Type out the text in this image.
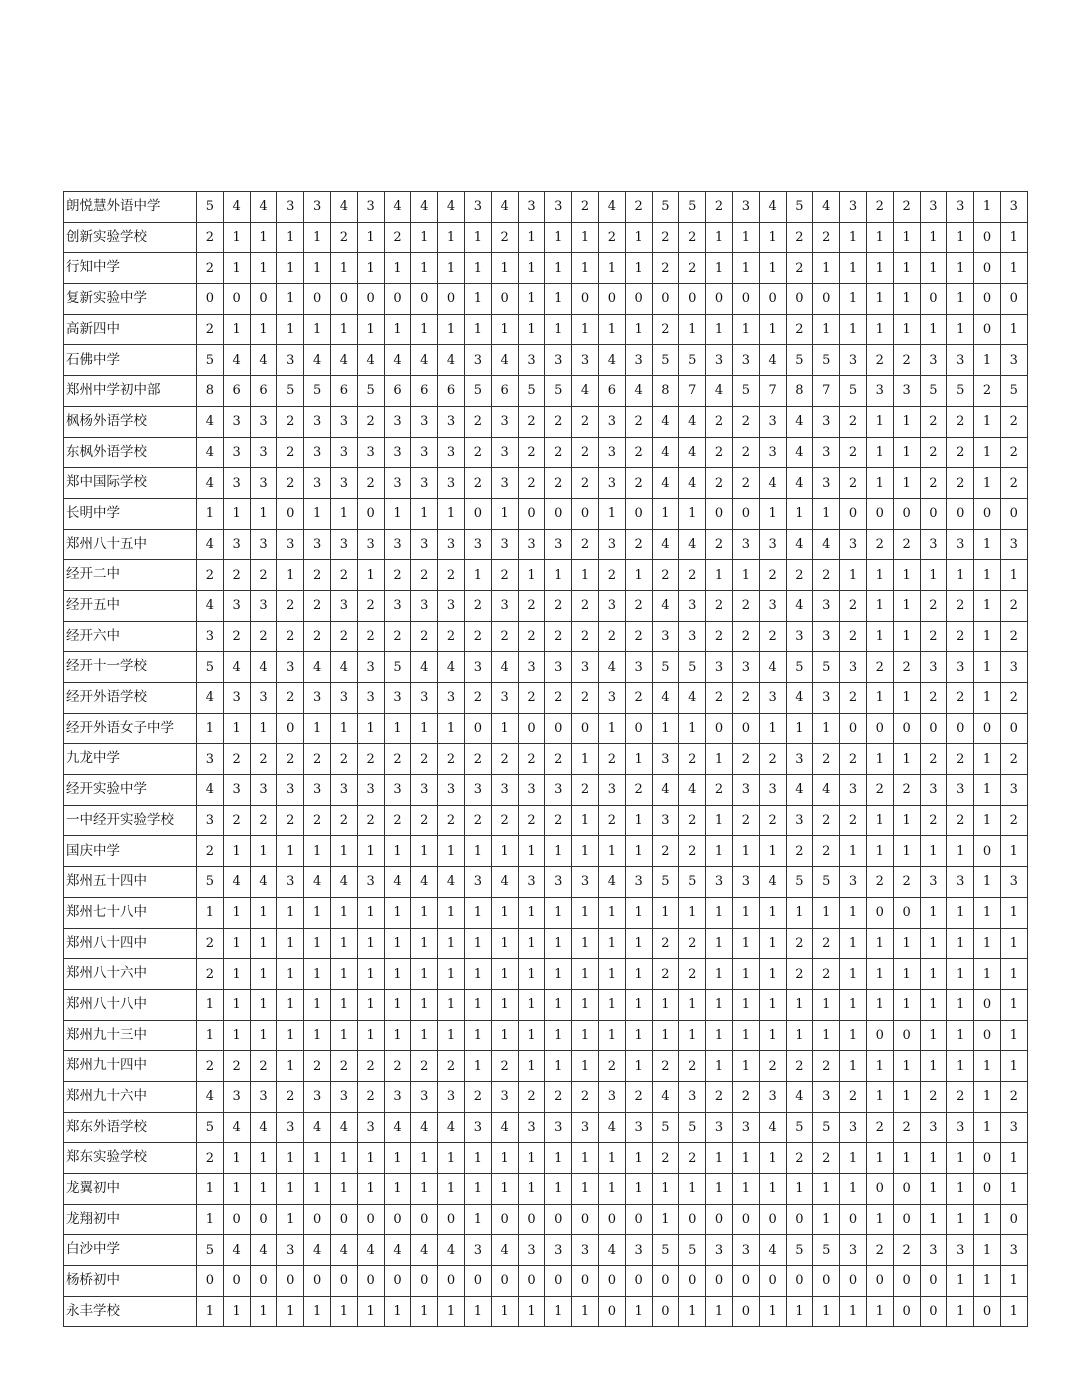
朗悦慧外语中学	5	4	4	3	3	4	3	4	4	4	3	4	3	3	2	4	2	5	5	2	3	4	5	4	3	2	2	3	3	1	3
创新实验学校	2	1	1	1	1	2	1	2	1	1	1	2	1	1	1	2	1	2	2	1	1	1	2	2	1	1	1	1	1	0	1
行知中学	2	1	1	1	1	1	1	1	1	1	1	1	1	1	1	1	1	2	2	1	1	1	2	1	1	1	1	1	1	0	1
复新实验中学	0	0	0	1	0	0	0	0	0	0	1	0	1	1	0	0	0	0	0	0	0	0	0	0	1	1	1	0	1	0	0
高新四中	2	1	1	1	1	1	1	1	1	1	1	1	1	1	1	1	1	2	1	1	1	1	2	1	1	1	1	1	1	0	1
石佛中学	5	4	4	3	4	4	4	4	4	4	3	4	3	3	3	4	3	5	5	3	3	4	5	5	3	2	2	3	3	1	3
郑州中学初中部	8	6	6	5	5	6	5	6	6	6	5	6	5	5	4	6	4	8	7	4	5	7	8	7	5	3	3	5	5	2	5
枫杨外语学校	4	3	3	2	3	3	2	3	3	3	2	3	2	2	2	3	2	4	4	2	2	3	4	3	2	1	1	2	2	1	2
东枫外语学校	4	3	3	2	3	3	3	3	3	3	2	3	2	2	2	3	2	4	4	2	2	3	4	3	2	1	1	2	2	1	2
郑中国际学校	4	3	3	2	3	3	2	3	3	3	2	3	2	2	2	3	2	4	4	2	2	4	4	3	2	1	1	2	2	1	2
长明中学	1	1	1	0	1	1	0	1	1	1	0	1	0	0	0	1	0	1	1	0	0	1	1	1	0	0	0	0	0	0	0
郑州八十五中	4	3	3	3	3	3	3	3	3	3	3	3	3	3	2	3	2	4	4	2	3	3	4	4	3	2	2	3	3	1	3
经开二中	2	2	2	1	2	2	1	2	2	2	1	2	1	1	1	2	1	2	2	1	1	2	2	2	1	1	1	1	1	1	1
经开五中	4	3	3	2	2	3	2	3	3	3	2	3	2	2	2	3	2	4	3	2	2	3	4	3	2	1	1	2	2	1	2
经开六中	3	2	2	2	2	2	2	2	2	2	2	2	2	2	2	2	2	3	3	2	2	2	3	3	2	1	1	2	2	1	2
经开十一学校	5	4	4	3	4	4	3	5	4	4	3	4	3	3	3	4	3	5	5	3	3	4	5	5	3	2	2	3	3	1	3
经开外语学校	4	3	3	2	3	3	3	3	3	3	2	3	2	2	2	3	2	4	4	2	2	3	4	3	2	1	1	2	2	1	2
经开外语女子中学	1	1	1	0	1	1	1	1	1	1	0	1	0	0	0	1	0	1	1	0	0	1	1	1	0	0	0	0	0	0	0
九龙中学	3	2	2	2	2	2	2	2	2	2	2	2	2	2	1	2	1	3	2	1	2	2	3	2	2	1	1	2	2	1	2
经开实验中学	4	3	3	3	3	3	3	3	3	3	3	3	3	3	2	3	2	4	4	2	3	3	4	4	3	2	2	3	3	1	3
一中经开实验学校	3	2	2	2	2	2	2	2	2	2	2	2	2	2	1	2	1	3	2	1	2	2	3	2	2	1	1	2	2	1	2
国庆中学	2	1	1	1	1	1	1	1	1	1	1	1	1	1	1	1	1	2	2	1	1	1	2	2	1	1	1	1	1	0	1
郑州五十四中	5	4	4	3	4	4	3	4	4	4	3	4	3	3	3	4	3	5	5	3	3	4	5	5	3	2	2	3	3	1	3
郑州七十八中	1	1	1	1	1	1	1	1	1	1	1	1	1	1	1	1	1	1	1	1	1	1	1	1	1	0	0	1	1	1	1
郑州八十四中	2	1	1	1	1	1	1	1	1	1	1	1	1	1	1	1	1	2	2	1	1	1	2	2	1	1	1	1	1	1	1
郑州八十六中	2	1	1	1	1	1	1	1	1	1	1	1	1	1	1	1	1	2	2	1	1	1	2	2	1	1	1	1	1	1	1
郑州八十八中	1	1	1	1	1	1	1	1	1	1	1	1	1	1	1	1	1	1	1	1	1	1	1	1	1	1	1	1	1	0	1
郑州九十三中	1	1	1	1	1	1	1	1	1	1	1	1	1	1	1	1	1	1	1	1	1	1	1	1	1	0	0	1	1	0	1
郑州九十四中	2	2	2	1	2	2	2	2	2	2	1	2	1	1	1	2	1	2	2	1	1	2	2	2	1	1	1	1	1	1	1
郑州九十六中	4	3	3	2	3	3	2	3	3	3	2	3	2	2	2	3	2	4	3	2	2	3	4	3	2	1	1	2	2	1	2
郑东外语学校	5	4	4	3	4	4	3	4	4	4	3	4	3	3	3	4	3	5	5	3	3	4	5	5	3	2	2	3	3	1	3
郑东实验学校	2	1	1	1	1	1	1	1	1	1	1	1	1	1	1	1	1	2	2	1	1	1	2	2	1	1	1	1	1	0	1
龙翼初中	1	1	1	1	1	1	1	1	1	1	1	1	1	1	1	1	1	1	1	1	1	1	1	1	1	0	0	1	1	0	1
龙翔初中	1	0	0	1	0	0	0	0	0	0	1	0	0	0	0	0	0	1	0	0	0	0	0	1	0	1	0	1	1	1	0
白沙中学	5	4	4	3	4	4	4	4	4	4	3	4	3	3	3	4	3	5	5	3	3	4	5	5	3	2	2	3	3	1	3
杨桥初中	0	0	0	0	0	0	0	0	0	0	0	0	0	0	0	0	0	0	0	0	0	0	0	0	0	0	0	0	1	1	1
永丰学校	1	1	1	1	1	1	1	1	1	1	1	1	1	1	1	0	1	0	1	1	0	1	1	1	1	1	0	0	1	0	1
